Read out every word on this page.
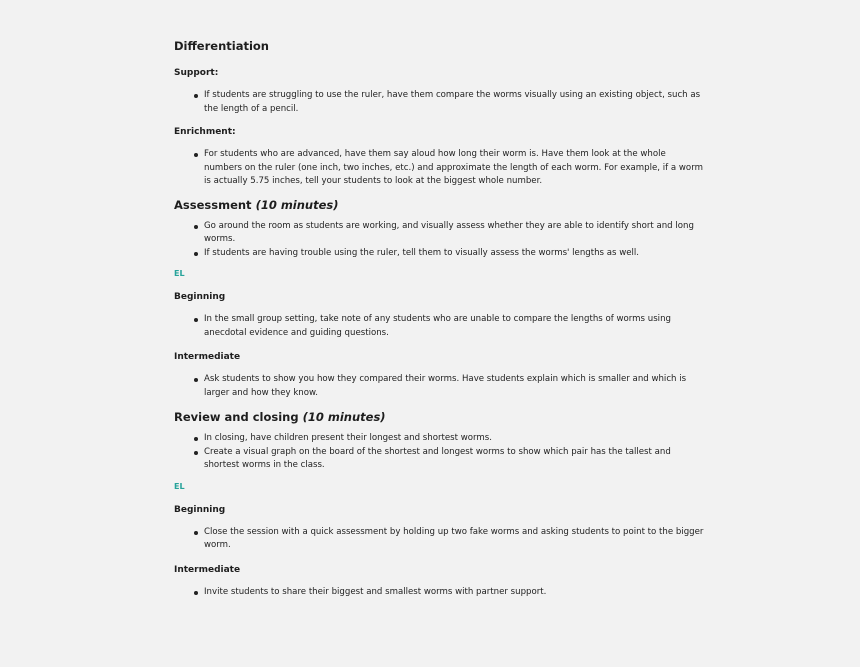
Differentiation

Support:

If students are struggling to use the ruler, have them compare the worms visually using an existing object, such as the length of a pencil.

Enrichment:

For students who are advanced, have them say aloud how long their worm is. Have them look at the whole numbers on the ruler (one inch, two inches, etc.) and approximate the length of each worm. For example, if a worm is actually 5.75 inches, tell your students to look at the biggest whole number.

Assessment (10 minutes)

Go around the room as students are working, and visually assess whether they are able to identify short and long worms.
If students are having trouble using the ruler, tell them to visually assess the worms' lengths as well.

EL

Beginning

In the small group setting, take note of any students who are unable to compare the lengths of worms using anecdotal evidence and guiding questions.

Intermediate

Ask students to show you how they compared their worms. Have students explain which is smaller and which is larger and how they know.

Review and closing (10 minutes)

In closing, have children present their longest and shortest worms.
Create a visual graph on the board of the shortest and longest worms to show which pair has the tallest and shortest worms in the class.

EL

Beginning

Close the session with a quick assessment by holding up two fake worms and asking students to point to the bigger worm.

Intermediate

Invite students to share their biggest and smallest worms with partner support.
